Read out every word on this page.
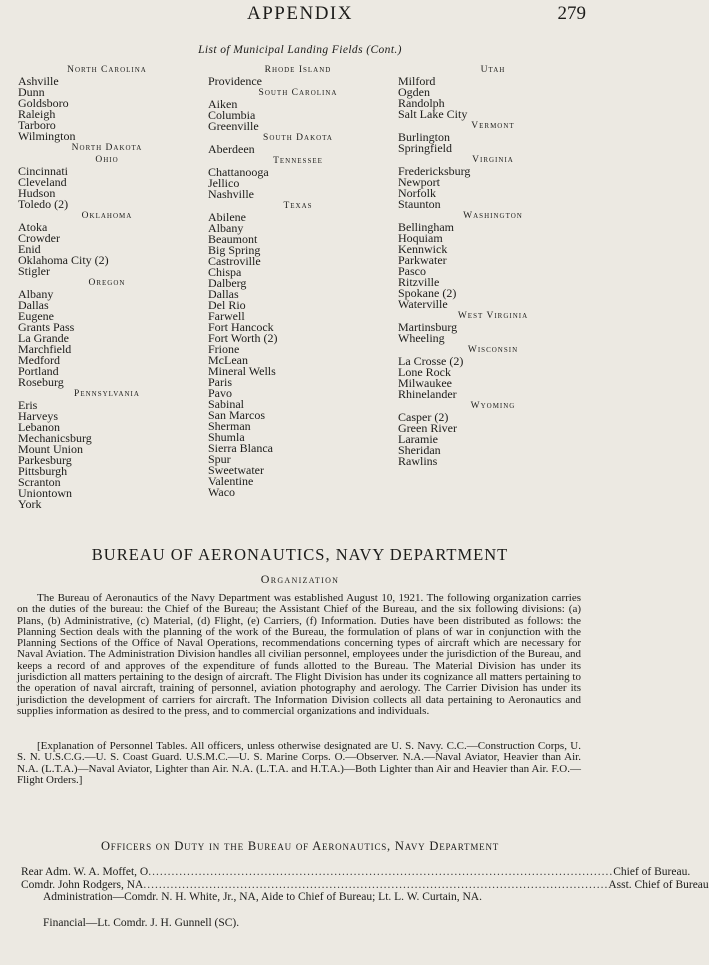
APPENDIX	279
List of Municipal Landing Fields (Cont.)
North Carolina
Ashville
Dunn
Goldsboro
Raleigh
Tarboro
Wilmington
North Dakota
Ohio
Cincinnati
Cleveland
Hudson
Toledo (2)
Oklahoma
Atoka
Crowder
Enid
Oklahoma City (2)
Stigler
Oregon
Albany
Dallas
Eugene
Grants Pass
La Grande
Marchfield
Medford
Portland
Roseburg
Pennsylvania
Eris
Harveys
Lebanon
Mechanicsburg
Mount Union
Parkesburg
Pittsburgh
Scranton
Uniontown
York
Rhode Island
Providence
South Carolina
Aiken
Columbia
Greenville
South Dakota
Aberdeen
Tennessee
Chattanooga
Jellico
Nashville
Texas
Abilene
Albany
Beaumont
Big Spring
Castroville
Chispa
Dalberg
Dallas
Del Rio
Farwell
Fort Hancock
Fort Worth (2)
Frione
McLean
Mineral Wells
Paris
Pavo
Sabinal
San Marcos
Sherman
Shumla
Sierra Blanca
Spur
Sweetwater
Valentine
Waco
Utah
Milford
Ogden
Randolph
Salt Lake City
Vermont
Burlington
Springfield
Virginia
Fredericksburg
Newport
Norfolk
Staunton
Washington
Bellingham
Hoquiam
Kennwick
Parkwater
Pasco
Ritzville
Spokane (2)
Waterville
West Virginia
Martinsburg
Wheeling
Wisconsin
La Crosse (2)
Lone Rock
Milwaukee
Rhinelander
Wyoming
Casper (2)
Green River
Laramie
Sheridan
Rawlins
BUREAU OF AERONAUTICS, NAVY DEPARTMENT
Organization

The Bureau of Aeronautics of the Navy Department was established August 10, 1921. The following organization carries on the duties of the bureau: the Chief of the Bureau; the Assistant Chief of the Bureau, and the six following divisions: (a) Plans, (b) Administrative, (c) Material, (d) Flight, (e) Carriers, (f) Information. Duties have been distributed as follows: the Planning Section deals with the planning of the work of the Bureau, the formulation of plans of war in conjunction with the Planning Sections of the Office of Naval Operations, recommendations concerning types of aircraft which are necessary for Naval Aviation. The Administration Division handles all civilian personnel, employees under the jurisdiction of the Bureau, and keeps a record of and approves of the expenditure of funds allotted to the Bureau. The Material Division has under its jurisdiction all matters pertaining to the design of aircraft. The Flight Division has under its cognizance all matters pertaining to the operation of naval aircraft, training of personnel, aviation photography and aerology. The Carrier Division has under its jurisdiction the development of carriers for aircraft. The Information Division collects all data pertaining to Aeronautics and supplies information as desired to the press, and to commercial organizations and individuals.

[Explanation of Personnel Tables. All officers, unless otherwise designated are U. S. Navy. C.C.—Construction Corps, U. S. N. U.S.C.G.—U. S. Coast Guard. U.S.M.C.—U. S. Marine Corps. O.—Observer. N.A.—Naval Aviator, Heavier than Air. N.A. (L.T.A.)—Naval Aviator, Lighter than Air. N.A. (L.T.A. and H.T.A.)—Both Lighter than Air and Heavier than Air. F.O.—Flight Orders.]

Officers on Duty in the Bureau of Aeronautics, Navy Department
Rear Adm. W. A. Moffet, O ........................................................................................................................ Chief of Bureau.
Comdr. John Rodgers, NA ........................................................................................................................ Asst. Chief of Bureau
Administration—Comdr. N. H. White, Jr., NA, Aide to Chief of Bureau; Lt. L. W. Curtain, NA.
Financial—Lt. Comdr. J. H. Gunnell (SC).
